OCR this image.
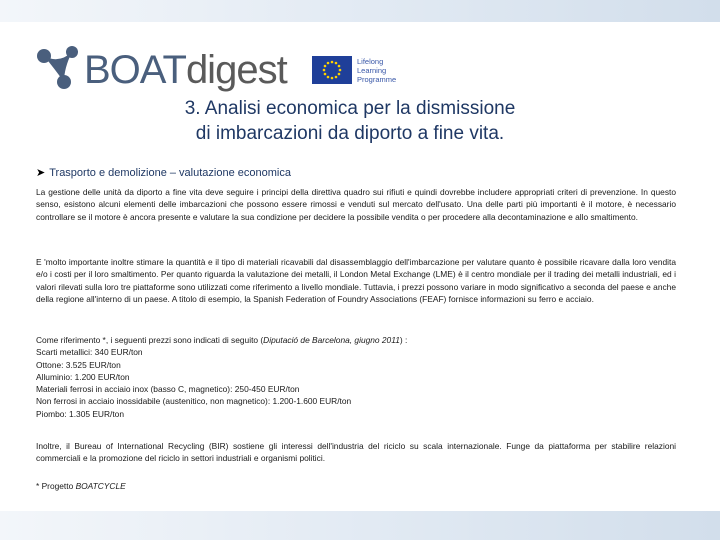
BOATdigest	Lifelong
Learning
Programme
3. Analisi economica per la dismissione
di imbarcazioni da diporto a fine vita.
➤ Trasporto e demolizione – valutazione economica

La gestione delle unità da diporto a fine vita deve seguire i principi della direttiva quadro sui rifiuti e quindi dovrebbe includere appropriati criteri di prevenzione. In questo senso, esistono alcuni elementi delle imbarcazioni che possono essere rimossi e venduti sul mercato dell'usato. Una delle parti più importanti è il motore, è necessario controllare se il motore è ancora presente e valutare la sua condizione per decidere la possibile vendita o per procedere alla decontaminazione e allo smaltimento.

E 'molto importante inoltre stimare la quantità e il tipo di materiali ricavabili dal disassemblaggio dell'imbarcazione per valutare quanto è possibile ricavare dalla loro vendita e/o i costi per il loro smaltimento. Per quanto riguarda la valutazione dei metalli, il London Metal Exchange (LME) è il centro mondiale per il trading dei metalli industriali, ed i valori rilevati sulla loro tre piattaforme sono utilizzati come riferimento a livello mondiale. Tuttavia, i prezzi possono variare in modo significativo a seconda del paese e anche della regione all'interno di un paese. A titolo di esempio, la Spanish Federation of Foundry Associations (FEAF) fornisce informazioni su ferro e acciaio.

Come riferimento *, i seguenti prezzi sono indicati di seguito (Diputació de Barcelona, giugno 2011) :
Scarti metallici: 340 EUR/ton
Ottone: 3.525 EUR/ton
Alluminio: 1.200 EUR/ton
Materiali ferrosi in acciaio inox (basso C, magnetico): 250-450 EUR/ton
Non ferrosi in acciaio inossidabile (austenitico, non magnetico): 1.200-1.600 EUR/ton
Piombo: 1.305 EUR/ton

Inoltre, il Bureau of International Recycling (BIR) sostiene gli interessi dell'industria del riciclo su scala internazionale. Funge da piattaforma per stabilire relazioni commerciali e la promozione del riciclo in settori industriali e organismi politici.

* Progetto BOATCYCLE
